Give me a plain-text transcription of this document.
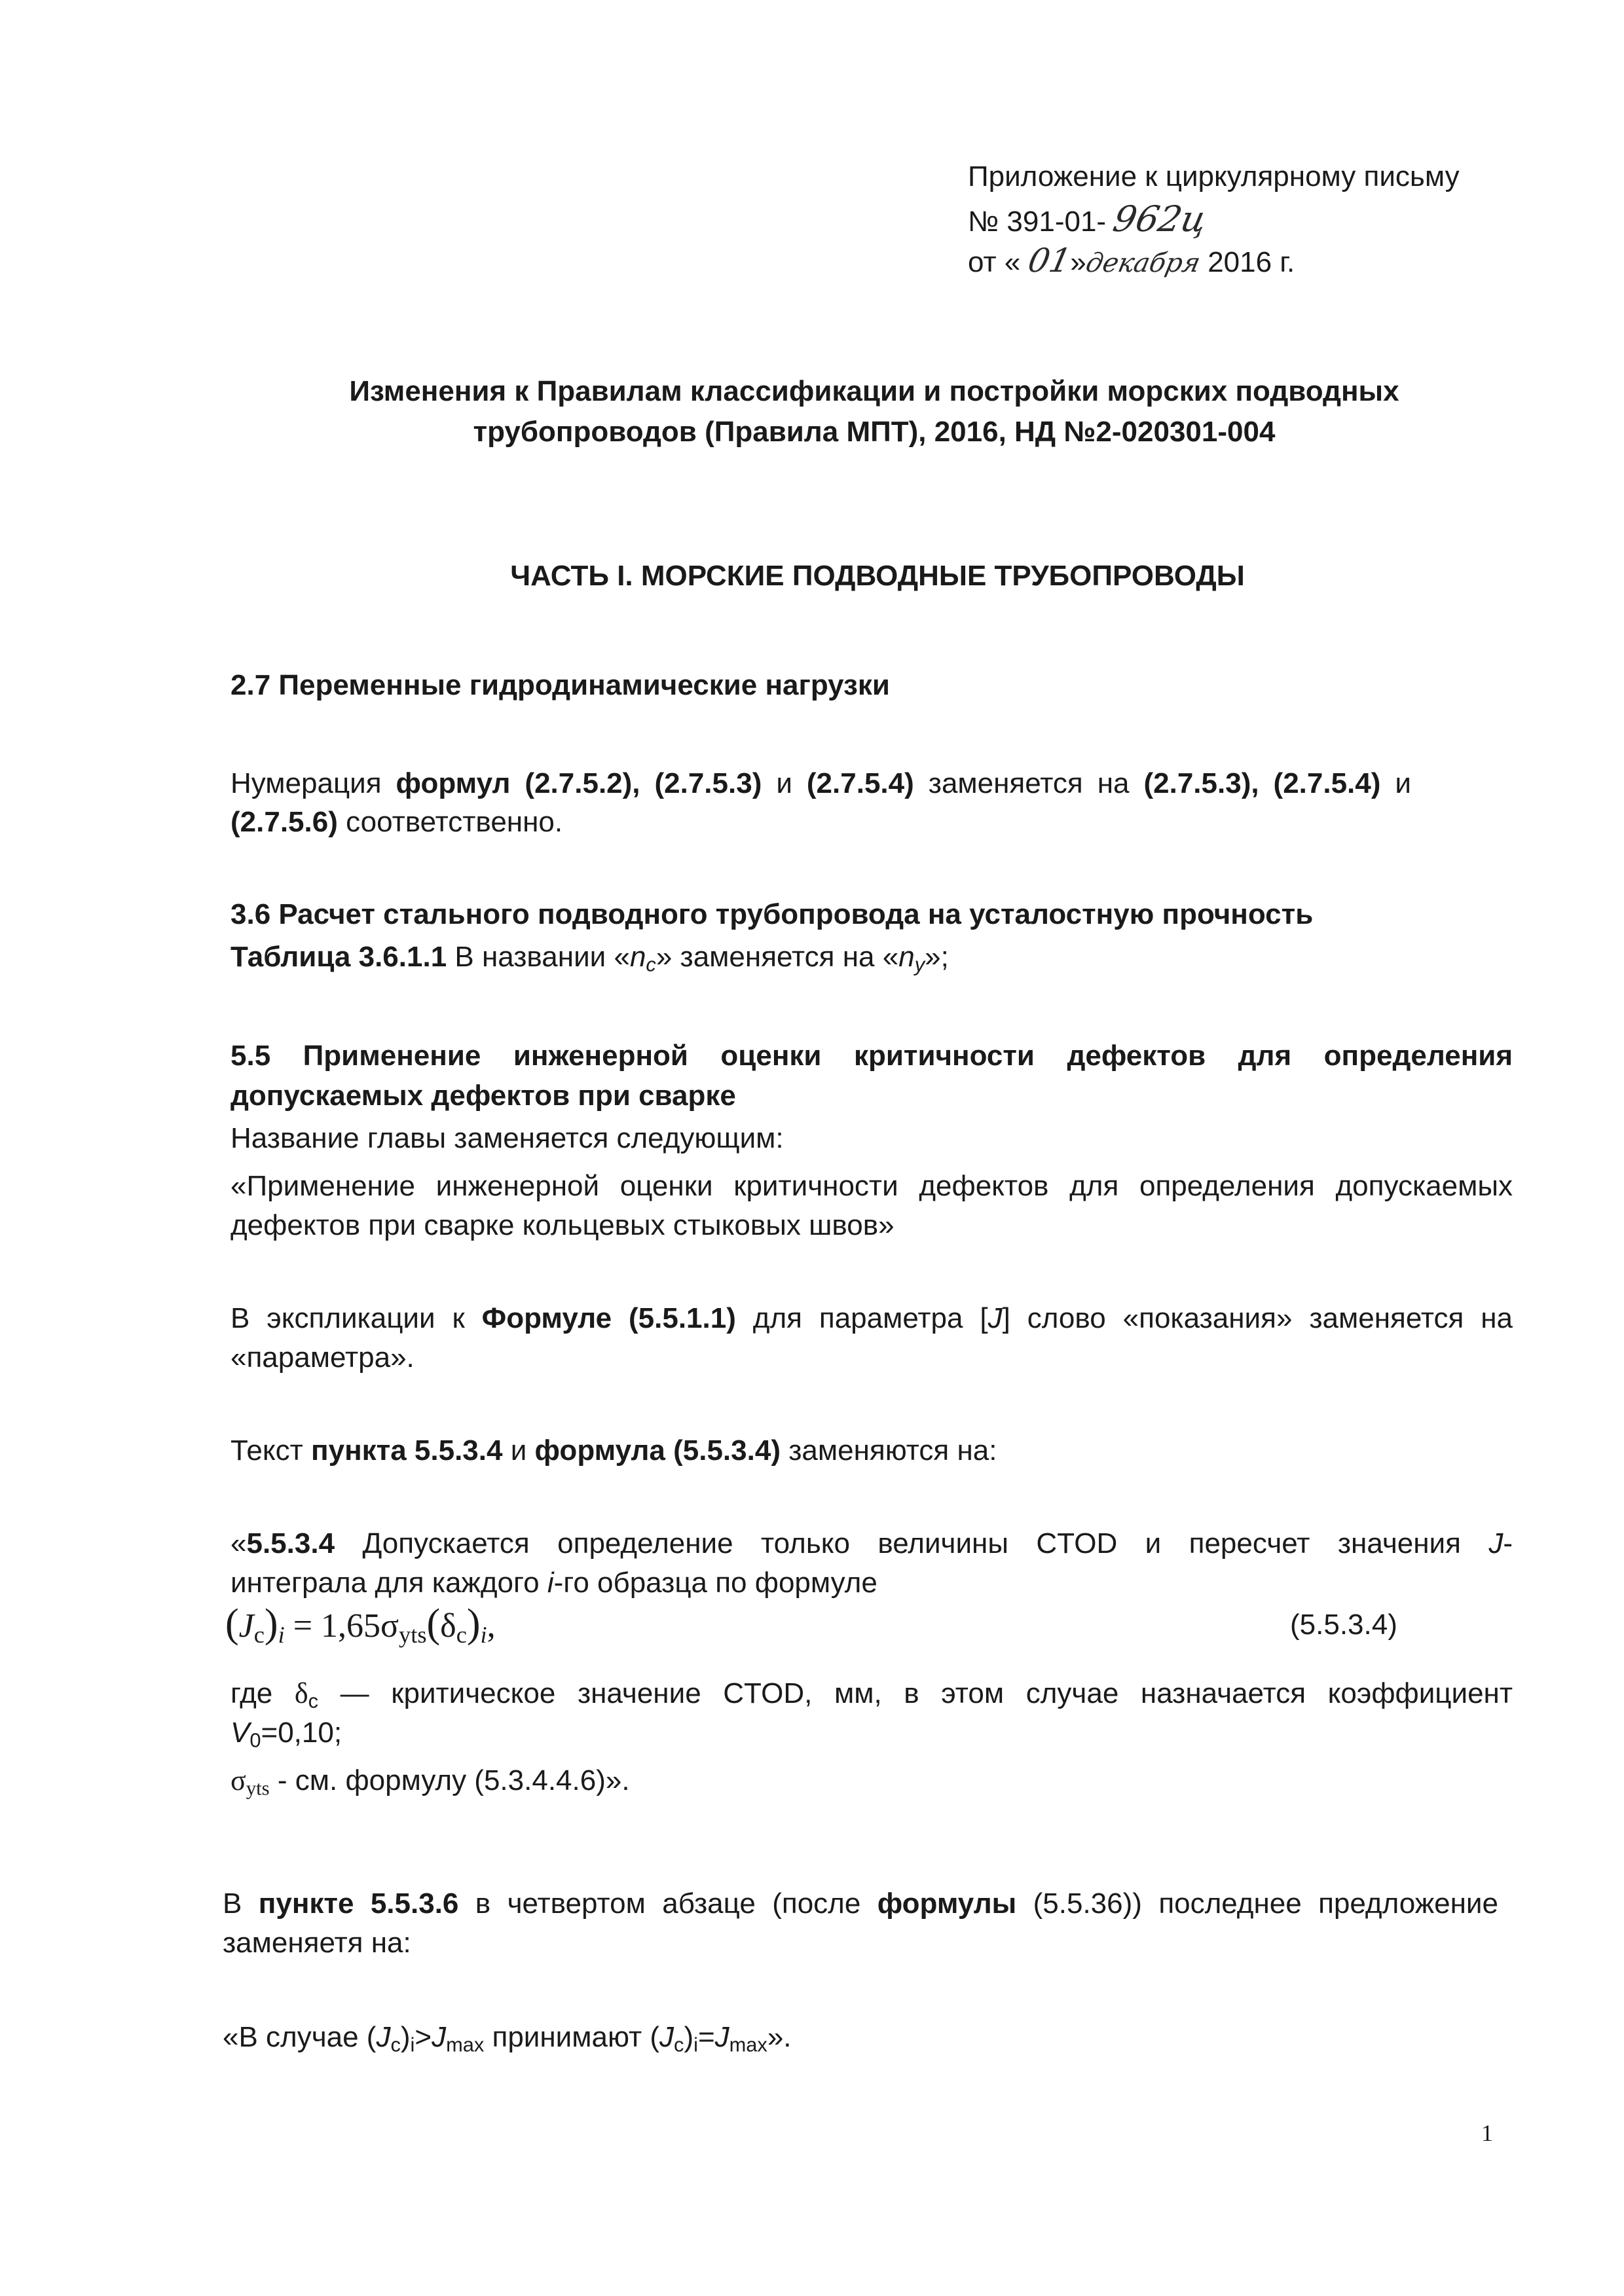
Приложение к циркулярному письму
№ 391-01- 962ц
от « 01»декабря 2016 г.
Изменения к Правилам классификации и постройки морских подводных
трубопроводов (Правила МПТ), 2016, НД №2-020301-004
ЧАСТЬ I. МОРСКИЕ ПОДВОДНЫЕ ТРУБОПРОВОДЫ
2.7 Переменные гидродинамические нагрузки
Нумерация формул (2.7.5.2), (2.7.5.3) и (2.7.5.4) заменяется на (2.7.5.3), (2.7.5.4) и
(2.7.5.6) соответственно.
3.6 Расчет стального подводного трубопровода на усталостную прочность
Таблица 3.6.1.1 В названии «$n_c$» заменяется на «$n_y$»;
5.5 Применение инженерной оценки критичности дефектов для определения
допускаемых дефектов при сварке
Название главы заменяется следующим:
«Применение инженерной оценки критичности дефектов для определения допускаемых
дефектов при сварке кольцевых стыковых швов»
В экспликации к Формуле (5.5.1.1) для параметра [J] слово «показания» заменяется на
«параметра».
Текст пункта 5.5.3.4 и формула (5.5.3.4) заменяются на:
«5.5.3.4 Допускается определение только величины CTOD и пересчет значения J-
интеграла для каждого i-го образца по формуле
$(J_c)_i = 1,65\sigma_{yts}(\delta_c)_i$,	(5.5.3.4)
где $\delta_c$ — критическое значение CTOD, мм, в этом случае назначается коэффициент
$V_0=0,10$;
$\sigma_{yts}$ - см. формулу (5.3.4.4.6)».
В пункте 5.5.3.6 в четвертом абзаце (после формулы (5.5.36)) последнее предложение
заменяетя на:
«В случае $(J_c)_i>J_{max}$ принимают $(J_c)_i=J_{max}$».
1
